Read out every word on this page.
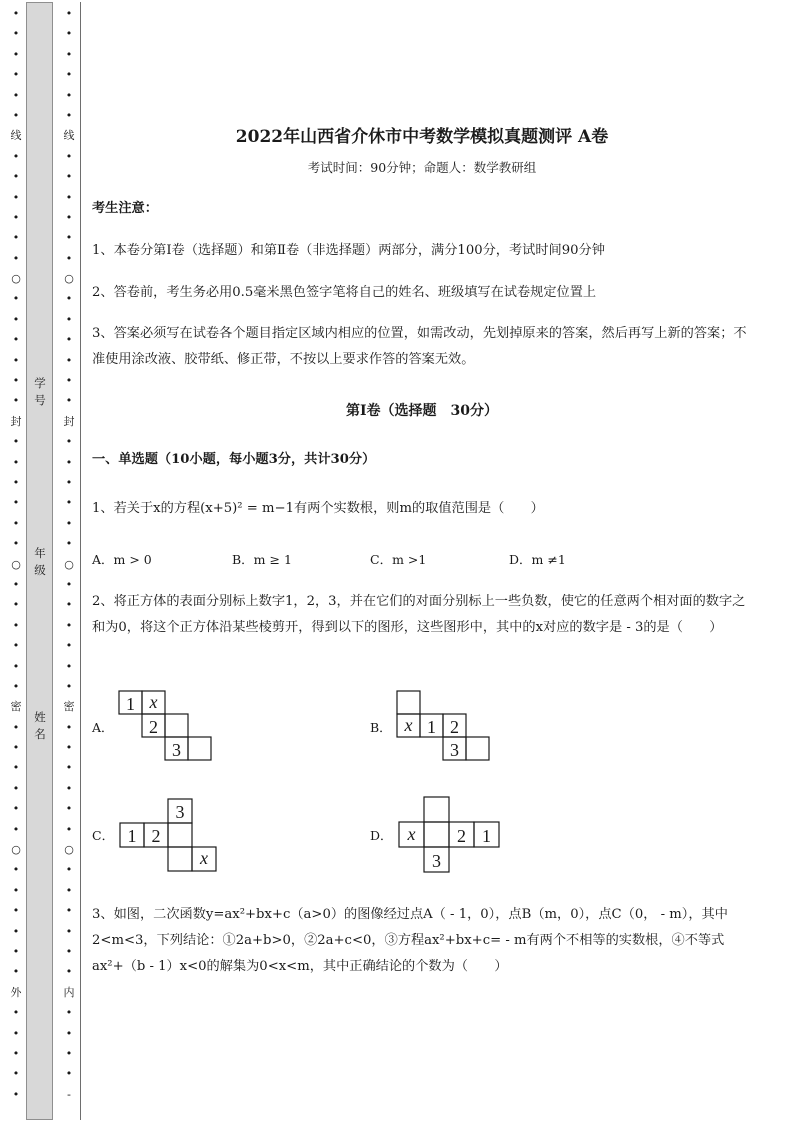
•
•
•
•
•
•
线
•
•
•
•
•
•
○
•
•
•
•
•
•
封
•
•
•
•
•
•
○
•
•
•
•
•
•
密
•
•
•
•
•
•
○
•
•
•
•
•
•
外
•
•
•
•
•
学
号
年
级
姓
名
•
•
•
•
•
•
线
•
•
•
•
•
•
○
•
•
•
•
•
•
封
•
•
•
•
•
•
○
•
•
•
•
•
•
密
•
•
•
•
•
•
○
•
•
•
•
•
•
内
•
•
•
•
-
2022年山西省介休市中考数学模拟真题测评 A卷
考试时间：90分钟；命题人：数学教研组
考生注意：
1、本卷分第I卷（选择题）和第Ⅱ卷（非选择题）两部分，满分100分，考试时间90分钟
2、答卷前，考生务必用0.5毫米黑色签字笔将自己的姓名、班级填写在试卷规定位置上
3、答案必须写在试卷各个题目指定区域内相应的位置，如需改动，先划掉原来的答案，然后再写上新的答案；不准使用涂改液、胶带纸、修正带，不按以上要求作答的答案无效。
第I卷（选择题　30分）
一、单选题（10小题，每小题3分，共计30分）
1、若关于x的方程(x+5)² = m−1有两个实数根，则m的取值范围是（　　）
A．m > 0	B．m ≥ 1	C．m >1	D．m ≠1
2、将正方体的表面分别标上数字1，2，3，并在它们的对面分别标上一些负数，使它的任意两个相对面的数字之和为0，将这个正方体沿某些棱剪开，得到以下的图形，这些图形中，其中的x对应的数字是 - 3的是（　　）
A．
1 x
2
3
B． x 1 2
3
C．
3
1 2
x
D． x 2 1
3
3、如图，二次函数y=ax²+bx+c（a>0）的图像经过点A（ - 1，0），点B（m，0），点C（0， - m），其中2<m<3，下列结论：①2a+b>0，②2a+c<0，③方程ax²+bx+c= - m有两个不相等的实数根，④不等式ax²+（b - 1）x<0的解集为0<x<m，其中正确结论的个数为（　　）
